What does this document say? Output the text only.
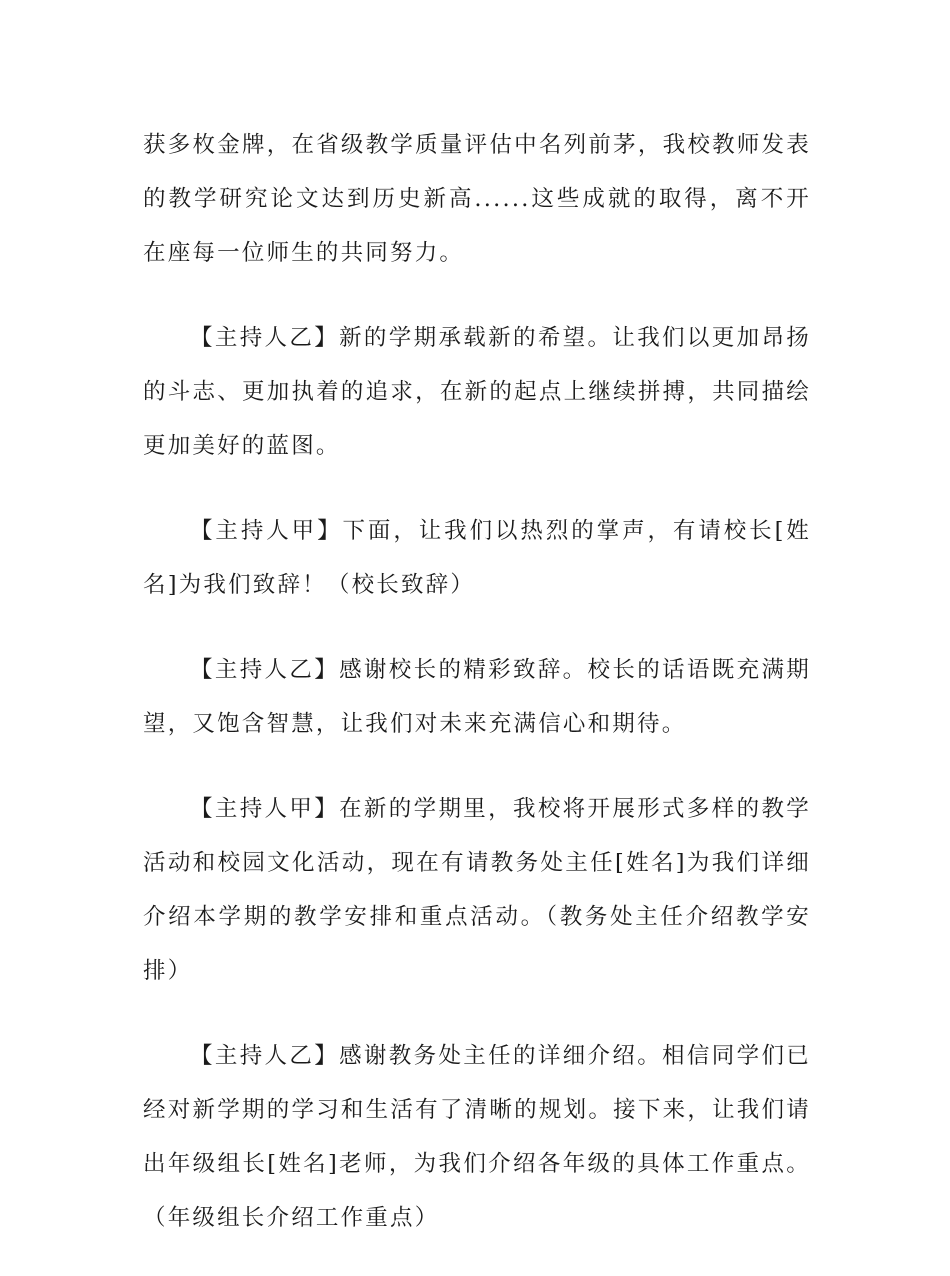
获多枚金牌，在省级教学质量评估中名列前茅，我校教师发表的教学研究论文达到历史新高......这些成就的取得，离不开在座每一位师生的共同努力。

【主持人乙】新的学期承载新的希望。让我们以更加昂扬的斗志、更加执着的追求，在新的起点上继续拼搏，共同描绘更加美好的蓝图。

【主持人甲】下面，让我们以热烈的掌声，有请校长[姓名]为我们致辞！（校长致辞）

【主持人乙】感谢校长的精彩致辞。校长的话语既充满期望，又饱含智慧，让我们对未来充满信心和期待。

【主持人甲】在新的学期里，我校将开展形式多样的教学活动和校园文化活动，现在有请教务处主任[姓名]为我们详细介绍本学期的教学安排和重点活动。（教务处主任介绍教学安排）

【主持人乙】感谢教务处主任的详细介绍。相信同学们已经对新学期的学习和生活有了清晰的规划。接下来，让我们请出年级组长[姓名]老师，为我们介绍各年级的具体工作重点。（年级组长介绍工作重点）
